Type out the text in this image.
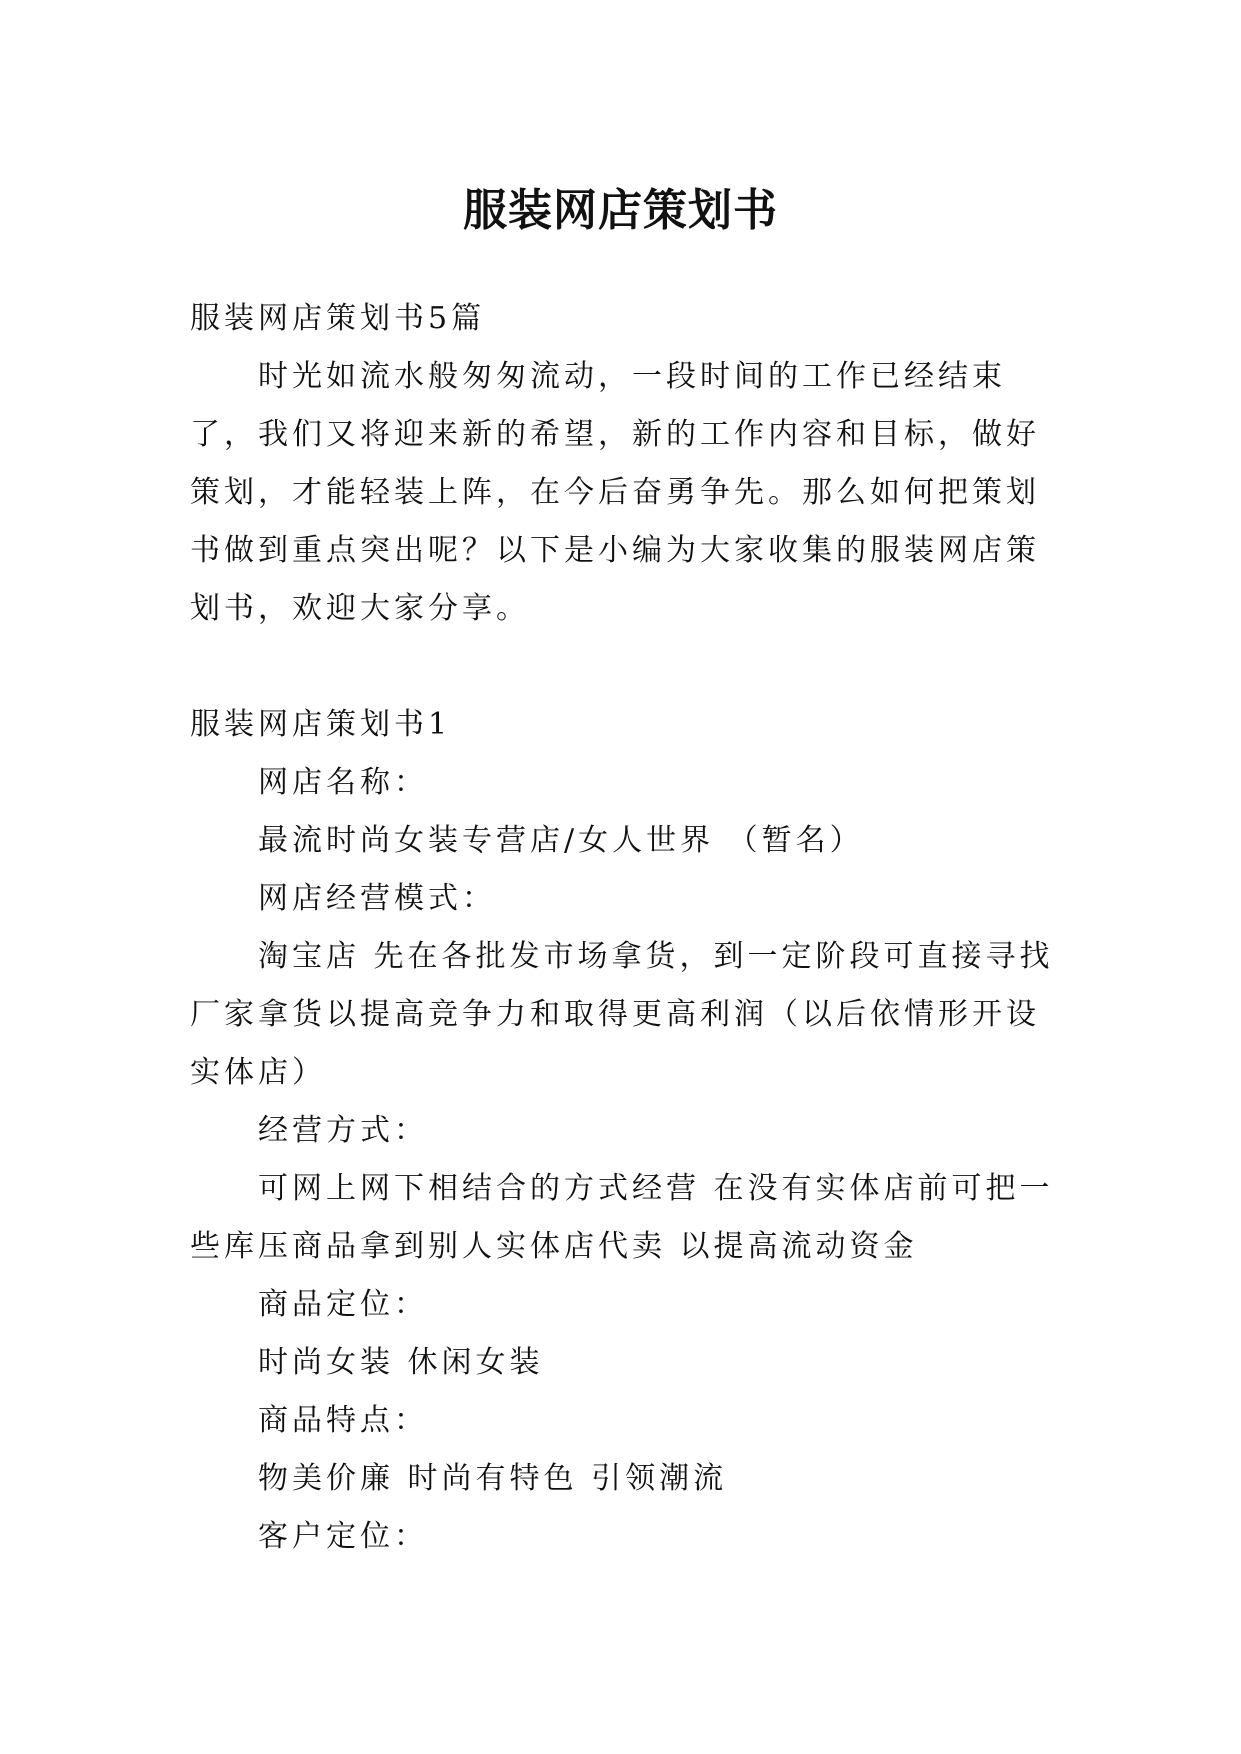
服装网店策划书

服装网店策划书5篇

时光如流水般匆匆流动，一段时间的工作已经结束了，我们又将迎来新的希望，新的工作内容和目标，做好策划，才能轻装上阵，在今后奋勇争先。那么如何把策划书做到重点突出呢？以下是小编为大家收集的服装网店策划书，欢迎大家分享。

服装网店策划书1

网店名称：

最流时尚女装专营店/女人世界 （暂名）

网店经营模式：

淘宝店 先在各批发市场拿货，到一定阶段可直接寻找厂家拿货以提高竞争力和取得更高利润（以后依情形开设实体店）

经营方式：

可网上网下相结合的方式经营 在没有实体店前可把一些库压商品拿到别人实体店代卖 以提高流动资金

商品定位：

时尚女装 休闲女装

商品特点：

物美价廉 时尚有特色 引领潮流

客户定位：
